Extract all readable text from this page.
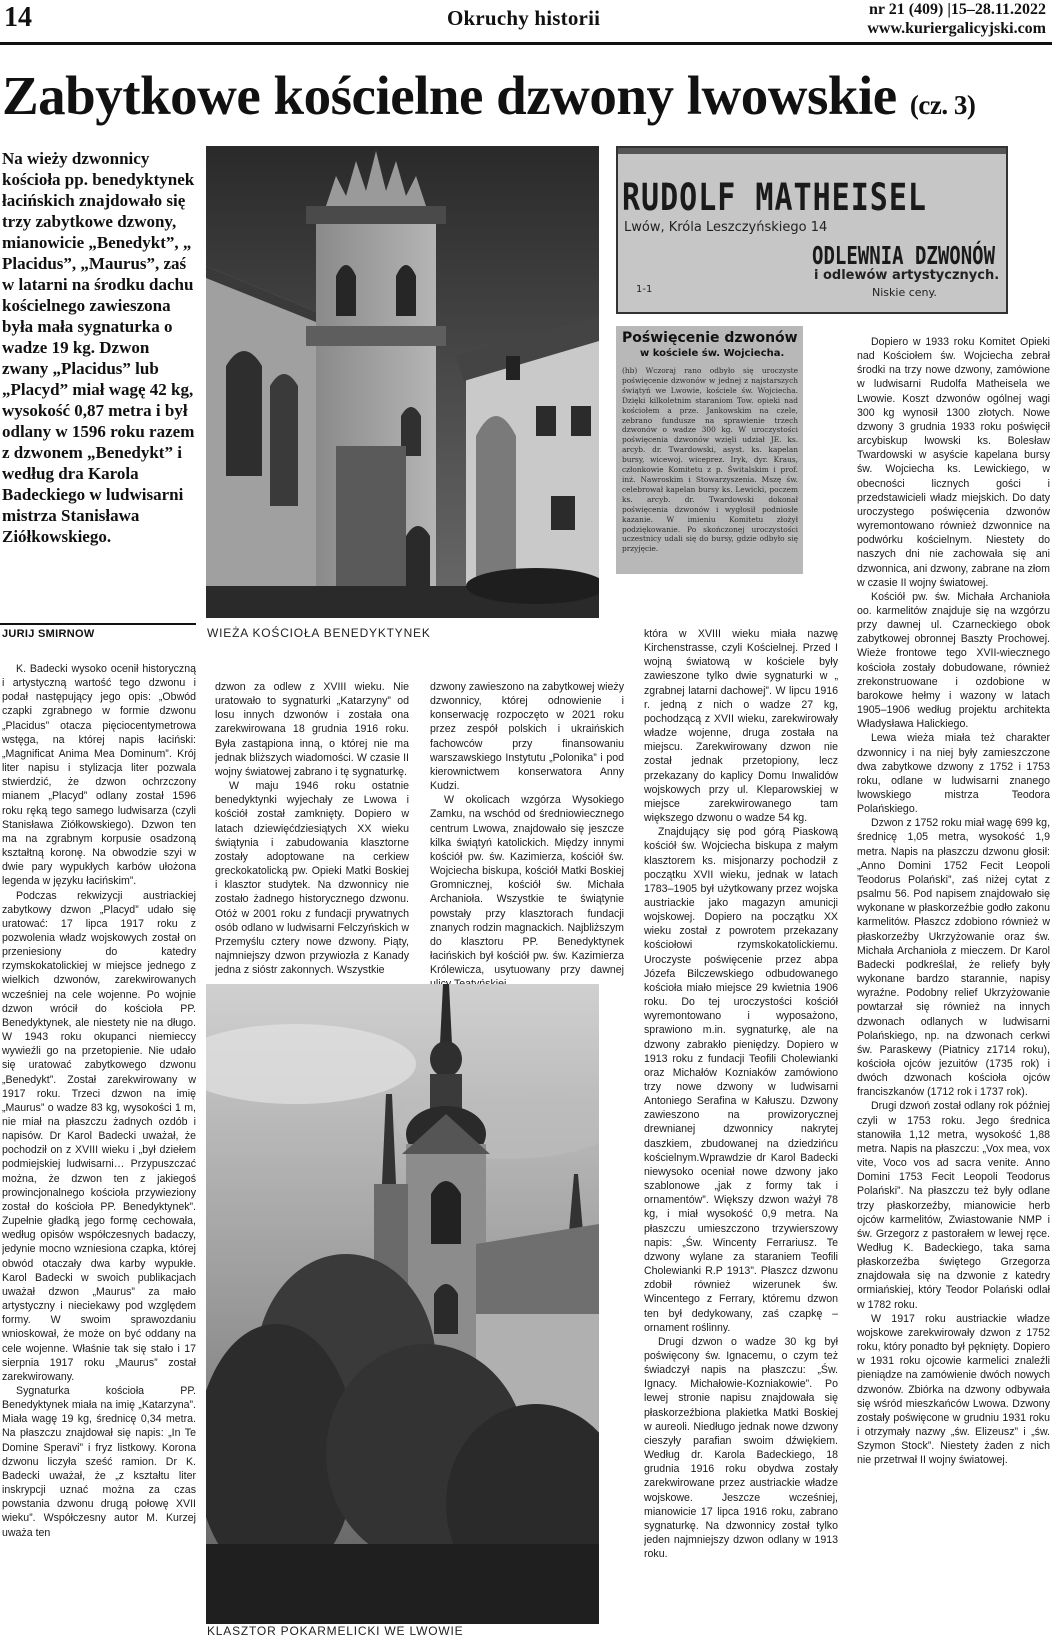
14	Okruchy historii	nr 21 (409) |15–28.11.2022
www.kuriergalicyjski.com
Zabytkowe kościelne dzwony lwowskie (cz. 3)
Na wieży dzwonnicy kościoła pp. benedyktynek łacińskich znajdowało się trzy zabytkowe dzwony, mianowicie „Benedykt”, „ Placidus”, „Maurus”, zaś w latarni na środku dachu kościelnego zawieszona była mała sygnaturka o wadze 19 kg. Dzwon zwany „Placidus” lub „Placyd” miał wagę 42 kg, wysokość 0,87 metra i był odlany w 1596 roku razem z dzwonem „Benedykt” i według dra Karola Badeckiego w ludwisarni mistrza Stanisława Ziółkowskiego.
JURIJ SMIRNOW	WIEŻA KOŚCIOŁA BENEDYKTYNEK
RUDOLF MATHEISEL
Lwów, Króla Leszczyńskiego 14
ODLEWNIA DZWONÓW
i odlewów artystycznych.
Niskie ceny.
1-1
Poświęcenie dzwonów
w kościele św. Wojciecha.
(hb) Wczoraj rano odbyło się uroczyste poświęcenie dzwonów w jednej z najstarszych świątyń we Lwowie, kościele św. Wojciecha. Dzięki kilkoletnim staraniom Tow. opieki nad kościołem a prze. Jankowskim na czele, zebrano fundusze na sprawienie trzech dzwonów o wadze 300 kg. W uroczystości poświęcenia dzwonów wzięli udział JE. ks. arcyb. dr. Twardowski, asyst. ks. kapelan bursy, wicewoj. wiceprez. Iryk, dyr. Kraus, członkowie Komitetu z p. Świtalskim i prof. inż. Nawroskim i Stowarzyszenia. Mszę św. celebrował kapelan bursy ks. Lewicki, poczem ks. arcyb. dr. Twardowski dokonał poświęcenia dzwonów i wygłosił podniosłe kazanie. W imieniu Komitetu złożył podziękowanie. Po skończonej uroczystości uczestnicy udali się do bursy, gdzie odbyło się przyjęcie.

K. Badecki wysoko ocenił historyczną i artystyczną wartość tego dzwonu i podał następujący jego opis: „Obwód czapki zgrabnego w formie dzwonu „Placidus” otacza pięciocentymetrowa wstęga, na której napis łaciński: „Magnificat Anima Mea Dominum”. Krój liter napisu i stylizacja liter pozwala stwierdzić, że dzwon ochrzczony mianem „Placyd” odlany został 1596 roku ręką tego samego ludwisarza (czyli Stanisława Ziółkowskiego). Dzwon ten ma na zgrabnym korpusie osadzoną kształtną koronę. Na obwodzie szyi w dwie pary wypukłych karbów ułożona legenda w języku łacińskim”.

Podczas rekwizycji austriackiej zabytkowy dzwon „Placyd” udało się uratować: 17 lipca 1917 roku z pozwolenia władz wojskowych został on przeniesiony do katedry rzymskokatolickiej w miejsce jednego z wielkich dzwonów, zarekwirowanych wcześniej na cele wojenne. Po wojnie dzwon wrócił do kościoła PP. Benedyktynek, ale niestety nie na długo. W 1943 roku okupanci niemieccy wywieźli go na przetopienie. Nie udało się uratować zabytkowego dzwonu „Benedykt”. Został zarekwirowany w 1917 roku. Trzeci dzwon na imię „Maurus” o wadze 83 kg, wysokości 1 m, nie miał na płaszczu żadnych ozdób i napisów. Dr Karol Badecki uważał, że pochodził on z XVIII wieku i „był dziełem podmiejskiej ludwisarni… Przypuszczać można, że dzwon ten z jakiegoś prowincjonalnego kościoła przywieziony został do kościoła PP. Benedyktynek”. Zupełnie gładką jego formę cechowała, według opisów współczesnych badaczy, jedynie mocno wzniesiona czapka, której obwód otaczały dwa karby wypukłe. Karol Badecki w swoich publikacjach uważał dzwon „Maurus” za mało artystyczny i nieciekawy pod względem formy. W swoim sprawozdaniu wnioskował, że może on być oddany na cele wojenne. Właśnie tak się stało i 17 sierpnia 1917 roku „Maurus” został zarekwirowany.

Sygnaturka kościoła PP. Benedyktynek miała na imię „Katarzyna”. Miała wagę 19 kg, średnicę 0,34 metra. Na płaszczu znajdował się napis: „In Te Domine Speravi” i fryz listkowy. Korona dzwonu liczyła sześć ramion. Dr K. Badecki uważał, że „z kształtu liter inskrypcji uznać można za czas powstania dzwonu drugą połowę XVII wieku”. Współczesny autor M. Kurzej uważa ten

dzwon za odlew z XVIII wieku. Nie uratowało to sygnaturki „Katarzyny” od losu innych dzwonów i została ona zarekwirowana 18 grudnia 1916 roku. Była zastąpiona inną, o której nie ma jednak bliższych wiadomości. W czasie II wojny światowej zabrano i tę sygnaturkę.

W maju 1946 roku ostatnie benedyktynki wyjechały ze Lwowa i kościół został zamknięty. Dopiero w latach dziewięćdziesiątych XX wieku świątynia i zabudowania klasztorne zostały adoptowane na cerkiew greckokatolicką pw. Opieki Matki Boskiej i klasztor studytek. Na dzwonnicy nie zostało żadnego historycznego dzwonu. Otóż w 2001 roku z fundacji prywatnych osób odlano w ludwisarni Felczyńskich w Przemyślu cztery nowe dzwony. Piąty, najmniejszy dzwon przywiozła z Kanady jedna z sióstr zakonnych. Wszystkie

dzwony zawieszono na zabytkowej wieży dzwonnicy, której odnowienie i konserwację rozpoczęto w 2021 roku przez zespół polskich i ukraińskich fachowców przy finansowaniu warszawskiego Instytutu „Polonika” i pod kierownictwem konserwatora Anny Kudzi.

W okolicach wzgórza Wysokiego Zamku, na wschód od średniowiecznego centrum Lwowa, znajdowało się jeszcze kilka świątyń katolickich. Między innymi kościół pw. św. Kazimierza, kościół św. Wojciecha biskupa, kościół Matki Boskiej Gromnicznej, kościół św. Michała Archanioła. Wszystkie te świątynie powstały przy klasztorach fundacji znanych rodzin magnackich. Najbliższym do klasztoru PP. Benedyktynek łacińskich był kościół pw. św. Kazimierza Królewicza, usytuowany przy dawnej

która w XVIII wieku miała nazwę Kirchenstrasse, czyli Kościelnej. Przed I wojną światową w kościele były zawieszone tylko dwie sygnaturki w „ zgrabnej latarni dachowej”. W lipcu 1916 r. jedną z nich o wadze 27 kg, pochodzącą z XVII wieku, zarekwirowały władze wojenne, druga została na miejscu. Zarekwirowany dzwon nie został jednak przetopiony, lecz przekazany do kaplicy Domu Inwalidów wojskowych przy ul. Kleparowskiej w miejsce zarekwirowanego tam większego dzwonu o wadze 54 kg.

Znajdujący się pod górą Piaskową kościół św. Wojciecha biskupa z małym klasztorem ks. misjonarzy pochodził z początku XVII wieku, jednak w latach 1783–1905 był użytkowany przez wojska austriackie jako magazyn amunicji wojskowej. Dopiero na początku XX wieku został z powrotem przekazany kościołowi rzymskokatolickiemu. Uroczyste poświęcenie przez abpa Józefa Bilczewskiego odbudowanego kościoła miało miejsce 29 kwietnia 1906 roku. Do tej uroczystości kościół wyremontowano i wyposażono, sprawiono m.in. sygnaturkę, ale na dzwony zabrakło pieniędzy. Dopiero w 1913 roku z fundacji Teofili Cholewianki oraz Michałów Kozniaków zamówiono trzy nowe dzwony w ludwisarni Antoniego Serafina w Kałuszu. Dzwony zawieszono na prowizorycznej drewnianej dzwonnicy nakrytej daszkiem, zbudowanej na dziedzińcu kościelnym.Wprawdzie dr Karol Badecki niewysoko oceniał nowe dzwony jako szablonowe „jak z formy tak i ornamentów”. Większy dzwon ważył 78 kg, i miał wysokość 0,9 metra. Na płaszczu umieszczono trzywierszowy napis: „Św. Wincenty Ferrariusz. Te dzwony wylane za staraniem Teofili Cholewianki R.P 1913”. Płaszcz dzwonu zdobił również wizerunek św. Wincentego z Ferrary, któremu dzwon ten był dedykowany, zaś czapkę – ornament roślinny.

Drugi dzwon o wadze 30 kg był poświęcony św. Ignacemu, o czym też świadczył napis na płaszczu: „Św. Ignacy. Michałowie-Kozniakowie”. Po lewej stronie napisu znajdowała się płaskorzeźbiona plakietka Matki Boskiej w aureoli. Niedługo jednak nowe dzwony cieszyły parafian swoim dźwiękiem. Według dr. Karola Badeckiego, 18 grudnia 1916 roku obydwa zostały zarekwirowane przez austriackie władze wojskowe. Jeszcze wcześniej, mianowicie 17 lipca 1916 roku, zabrano sygnaturkę. Na dzwonnicy został tylko jeden najmniejszy dzwon odlany w 1913 roku.

Dopiero w 1933 roku Komitet Opieki nad Kościołem św. Wojciecha zebrał środki na trzy nowe dzwony, zamówione w ludwisarni Rudolfa Matheisela we Lwowie. Koszt dzwonów ogólnej wagi 300 kg wynosił 1300 złotych. Nowe dzwony 3 grudnia 1933 roku poświęcił arcybiskup lwowski ks. Bolesław Twardowski w asyście kapelana bursy św. Wojciecha ks. Lewickiego, w obecności licznych gości i przedstawicieli władz miejskich. Do daty uroczystego poświęcenia dzwonów wyremontowano również dzwonnice na podwórku kościelnym. Niestety do naszych dni nie zachowała się ani dzwonnica, ani dzwony, zabrane na złom w czasie II wojny światowej.

Kościół pw. św. Michała Archanioła oo. karmelitów znajduje się na wzgórzu przy dawnej ul. Czarneckiego obok zabytkowej obronnej Baszty Prochowej. Wieże frontowe tego XVII-wiecznego kościoła zostały dobudowane, również zrekonstruowane i ozdobione w barokowe hełmy i wazony w latach 1905–1906 według projektu architekta Władysława Halickiego.

Lewa wieża miała też charakter dzwonnicy i na niej były zamieszczone dwa zabytkowe dzwony z 1752 i 1753 roku, odlane w ludwisarni znanego lwowskiego mistrza Teodora Polańskiego.

Dzwon z 1752 roku miał wagę 699 kg, średnicę 1,05 metra, wysokość 1,9 metra. Napis na płaszczu dzwonu głosił: „Anno Domini 1752 Fecit Leopoli Teodorus Polański”, zaś niżej cytat z psalmu 56. Pod napisem znajdowało się wykonane w płaskorzeźbie godło zakonu karmelitów. Płaszcz zdobiono również w płaskorzeźby Ukrzyżowanie oraz św. Michała Archanioła z mieczem. Dr Karol Badecki podkreślał, że reliefy były wykonane bardzo starannie, napisy wyraźne. Podobny relief Ukrzyżowanie powtarzał się również na innych dzwonach odlanych w ludwisarni Polańskiego, np. na dzwonach cerkwi św. Paraskewy (Piatnicy z1714 roku), kościoła ojców jezuitów (1735 rok) i dwóch dzwonach kościoła ojców franciszkanów (1712 rok i 1737 rok).

Drugi dzwoń został odlany rok później czyli w 1753 roku. Jego średnica stanowiła 1,12 metra, wysokość 1,88 metra. Napis na płaszczu: „Vox mea, vox vite, Voco vos ad sacra venite. Anno Domini 1753 Fecit Leopoli Teodorus Polański”. Na płaszczu też były odlane trzy płaskorzeźby, mianowicie herb ojców karmelitów, Zwiastowanie NMP i św. Grzegorz z pastorałem w lewej ręce. Według K. Badeckiego, taka sama płaskorzeźba świętego Grzegorza znajdowała się na dzwonie z katedry ormiańskiej, który Teodor Polański odlał w 1782 roku.

W 1917 roku austriackie władze wojskowe zarekwirowały dzwon z 1752 roku, który ponadto był pęknięty. Dopiero w 1931 roku ojcowie karmelici znaleźli pieniądze na zamówienie dwóch nowych dzwonów. Zbiórka na dzwony odbywała się wśród mieszkańców Lwowa. Dzwony zostały poświęcone w grudniu 1931 roku i otrzymały nazwy „św. Elizeusz” i „św. Szymon Stock”. Niestety żaden z nich nie przetrwał II wojny światowej.

KLASZTOR POKARMELICKI WE LWOWIE
